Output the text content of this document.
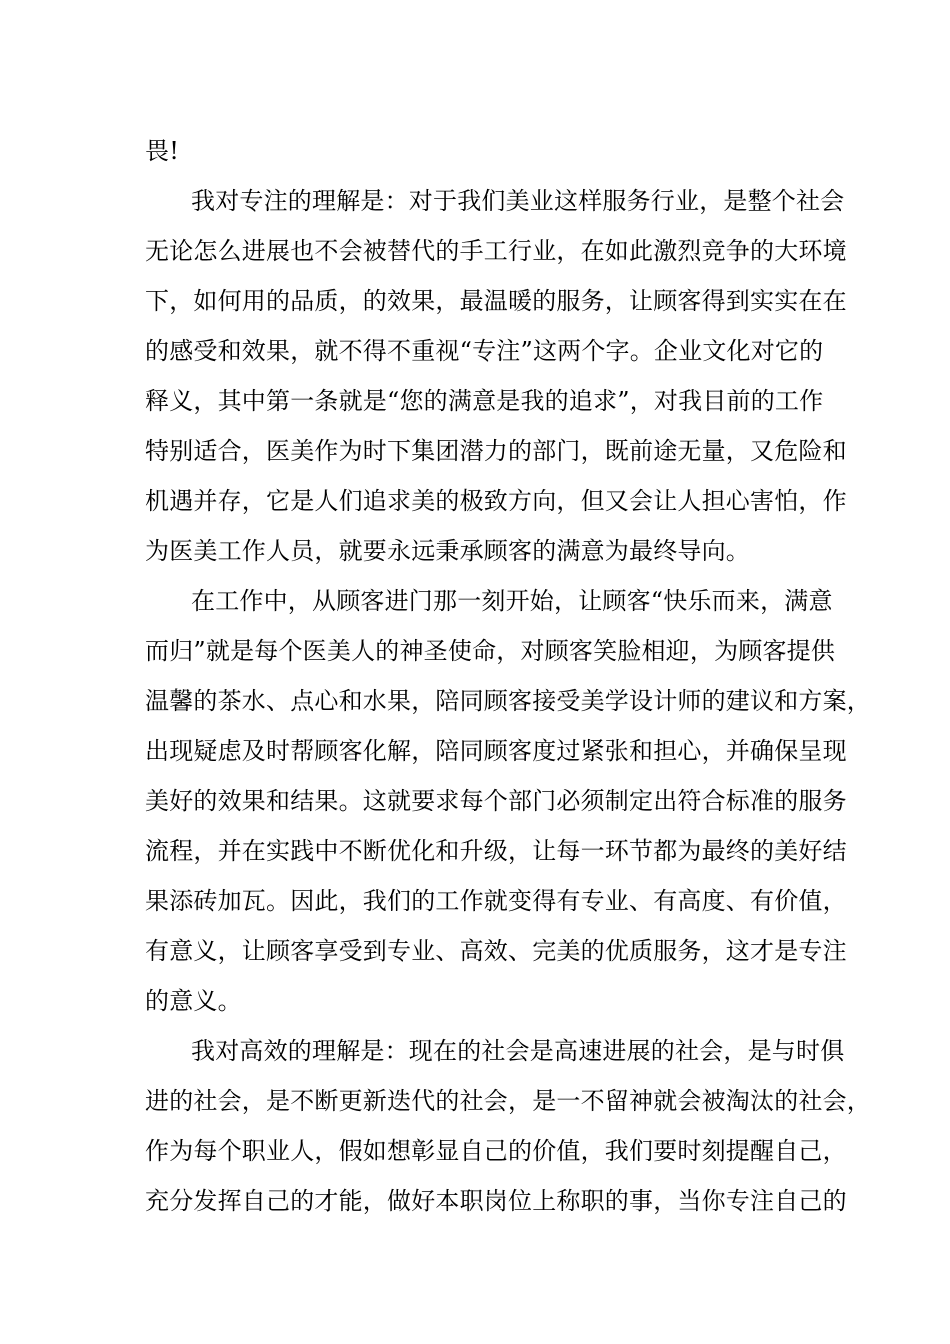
畏!
我对专注的理解是：对于我们美业这样服务行业，是整个社会
无论怎么进展也不会被替代的手工行业，在如此激烈竞争的大环境
下，如何用的品质，的效果，最温暖的服务，让顾客得到实实在在
的感受和效果，就不得不重视“专注”这两个字。企业文化对它的
释义，其中第一条就是“您的满意是我的追求”，对我目前的工作
特别适合，医美作为时下集团潜力的部门，既前途无量，又危险和
机遇并存，它是人们追求美的极致方向，但又会让人担心害怕，作
为医美工作人员，就要永远秉承顾客的满意为最终导向。
在工作中，从顾客进门那一刻开始，让顾客“快乐而来，满意
而归”就是每个医美人的神圣使命，对顾客笑脸相迎，为顾客提供
温馨的茶水、点心和水果，陪同顾客接受美学设计师的建议和方案，
出现疑虑及时帮顾客化解，陪同顾客度过紧张和担心，并确保呈现
美好的效果和结果。这就要求每个部门必须制定出符合标准的服务
流程，并在实践中不断优化和升级，让每一环节都为最终的美好结
果添砖加瓦。因此，我们的工作就变得有专业、有高度、有价值，
有意义，让顾客享受到专业、高效、完美的优质服务，这才是专注
的意义。
我对高效的理解是：现在的社会是高速进展的社会，是与时俱
进的社会，是不断更新迭代的社会，是一不留神就会被淘汰的社会，
作为每个职业人，假如想彰显自己的价值，我们要时刻提醒自己，
充分发挥自己的才能，做好本职岗位上称职的事，当你专注自己的
